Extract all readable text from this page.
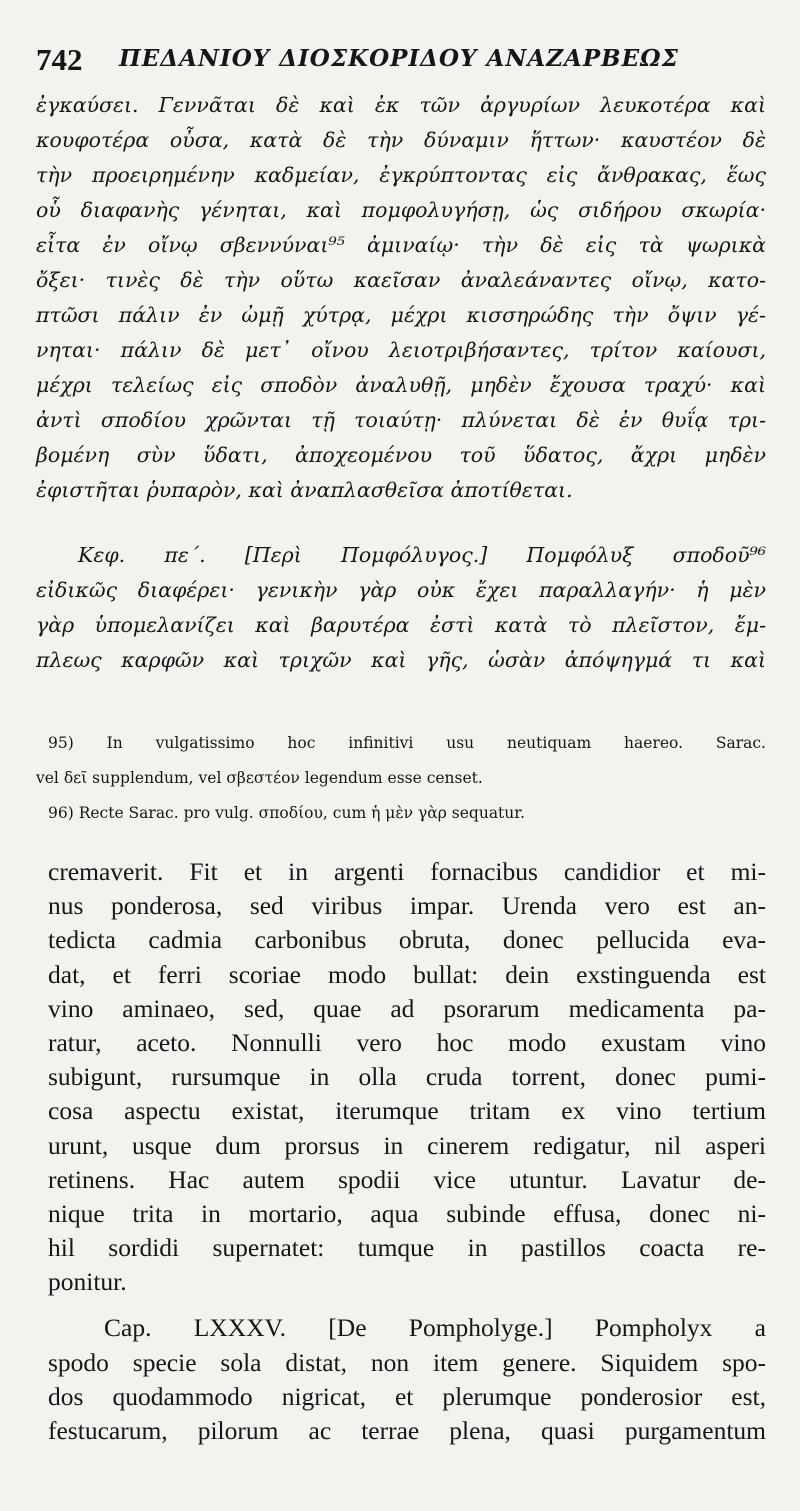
742 ΠΕΔΑΝΙΟΥ ΔΙΟΣΚΟΡΙΔΟΥ ΑΝΑΖΑΡΒΕΩΣ
ἐγκαύσει. Γεννᾶται δὲ καὶ ἐκ τῶν ἀργυρίων λευκοτέρα καὶ
κουφοτέρα οὖσα, κατὰ δὲ τὴν δύναμιν ἥττων· καυστέον δὲ
τὴν προειρημένην καδμείαν, ἐγκρύπτοντας εἰς ἄνθρακας, ἕως
οὗ διαφανὴς γένηται, καὶ πομφολυγήσῃ, ὡς σιδήρου σκωρία·
εἶτα ἐν οἴνῳ σβεννύναι⁹⁵ ἀμιναίῳ· τὴν δὲ εἰς τὰ ψωρικὰ
ὄξει· τινὲς δὲ τὴν οὕτω καεῖσαν ἀναλεάναντες οἴνῳ, κατο-
πτῶσι πάλιν ἐν ὠμῇ χύτρᾳ, μέχρι κισσηρώδης τὴν ὄψιν γέ-
νηται· πάλιν δὲ μετ᾽ οἴνου λειοτριβήσαντες, τρίτον καίουσι,
μέχρι τελείως εἰς σποδὸν ἀναλυθῇ, μηδὲν ἔχουσα τραχύ· καὶ
ἀντὶ σποδίου χρῶνται τῇ τοιαύτῃ· πλύνεται δὲ ἐν θυΐᾳ τρι-
βομένη σὺν ὕδατι, ἀποχεομένου τοῦ ὕδατος, ἄχρι μηδὲν
ἐφιστῆται ῥυπαρὸν, καὶ ἀναπλασθεῖσα ἀποτίθεται.
Κεφ. πε΄. [Περὶ Πομφόλυγος.] Πομφόλυξ σποδοῦ⁹⁶
εἰδικῶς διαφέρει· γενικὴν γὰρ οὐκ ἔχει παραλλαγήν· ἡ μὲν
γὰρ ὑπομελανίζει καὶ βαρυτέρα ἐστὶ κατὰ τὸ πλεῖστον, ἔμ-
πλεως καρφῶν καὶ τριχῶν καὶ γῆς, ὡσὰν ἀπόψηγμά τι καὶ
95) In vulgatissimo hoc infinitivi usu neutiquam haereo. Sarac.
vel δεῖ supplendum, vel σβεστέον legendum esse censet.
96) Recte Sarac. pro vulg. σποδίου, cum ἡ μὲν γὰρ sequatur.
cremaverit. Fit et in argenti fornacibus candidior et mi-
nus ponderosa, sed viribus impar. Urenda vero est an-
tedicta cadmia carbonibus obruta, donec pellucida eva-
dat, et ferri scoriae modo bullat: dein exstinguenda est
vino aminaeo, sed, quae ad psorarum medicamenta pa-
ratur, aceto. Nonnulli vero hoc modo exustam vino
subigunt, rursumque in olla cruda torrent, donec pumi-
cosa aspectu existat, iterumque tritam ex vino tertium
urunt, usque dum prorsus in cinerem redigatur, nil asperi
retinens. Hac autem spodii vice utuntur. Lavatur de-
nique trita in mortario, aqua subinde effusa, donec ni-
hil sordidi supernatet: tumque in pastillos coacta re-
ponitur.
Cap. LXXXV. [De Pompholyge.] Pompholyx a
spodo specie sola distat, non item genere. Siquidem spo-
dos quodammodo nigricat, et plerumque ponderosior est,
festucarum, pilorum ac terrae plena, quasi purgamentum
